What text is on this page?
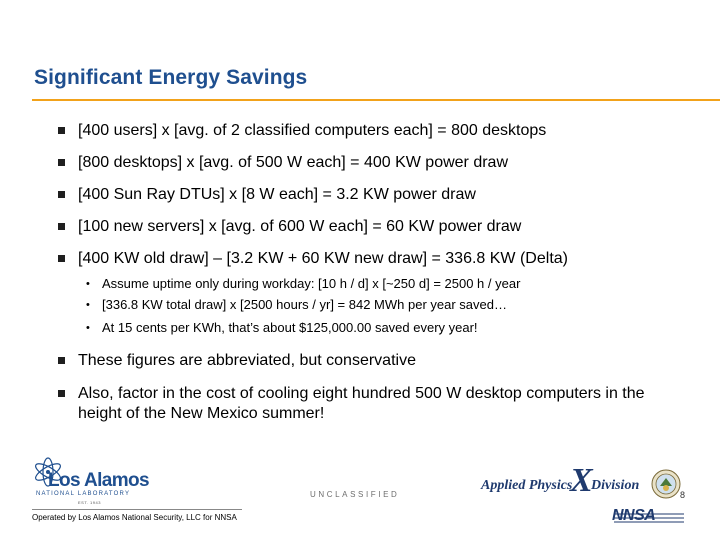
Significant Energy Savings
[400 users] x [avg. of 2 classified computers each] = 800 desktops
[800 desktops] x [avg. of 500 W each] = 400 KW power draw
[400 Sun Ray DTUs] x [8 W each] = 3.2 KW power draw
[100 new servers] x [avg. of 600 W each] = 60 KW power draw
[400 KW old draw] – [3.2 KW + 60 KW new draw] = 336.8 KW (Delta)
• Assume uptime only during workday: [10 h / d] x [~250 d] = 2500 h / year
• [336.8 KW total draw] x [2500 hours / yr] = 842 MWh per year saved…
• At 15 cents per KWh, that’s about $125,000.00 saved every year!
These figures are abbreviated, but conservative
Also, factor in the cost of cooling eight hundred 500 W desktop computers in the height of the New Mexico summer!
Los Alamos
NATIONAL LABORATORY
EST. 1943
Operated by Los Alamos National Security, LLC for NNSA
UNCLASSIFIED
Applied Physics
X
Division
8
NNSA
